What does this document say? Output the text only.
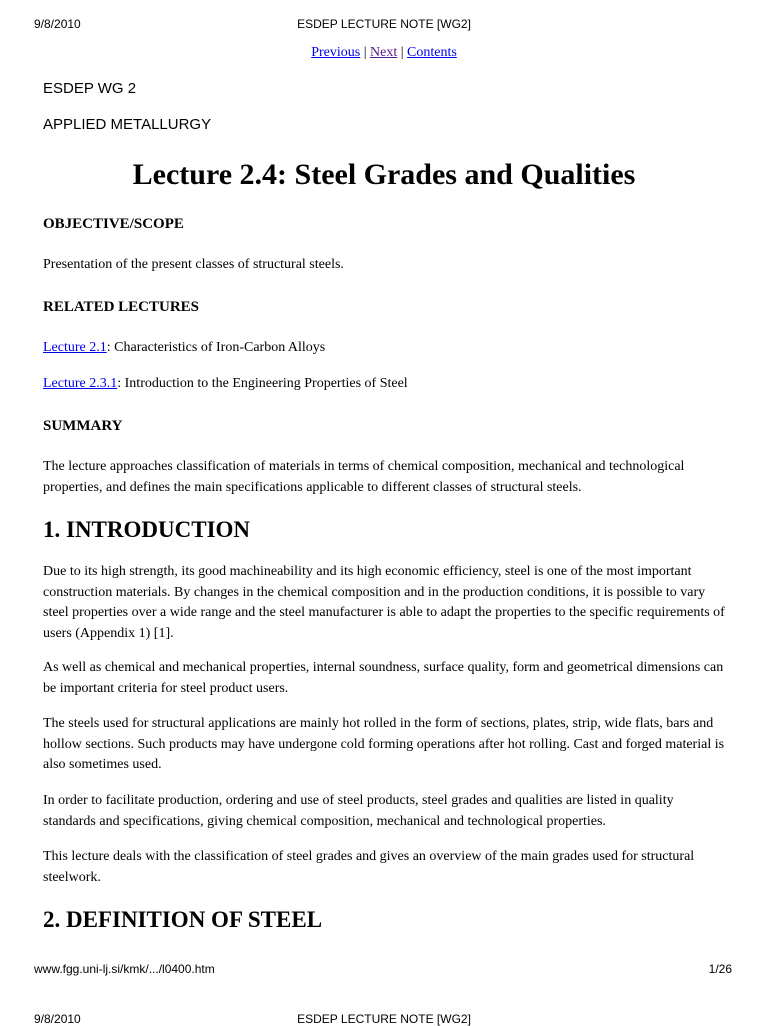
9/8/2010	ESDEP LECTURE NOTE [WG2]
Previous | Next | Contents
ESDEP WG 2
APPLIED METALLURGY
Lecture 2.4: Steel Grades and Qualities
OBJECTIVE/SCOPE
Presentation of the present classes of structural steels.
RELATED LECTURES
Lecture 2.1: Characteristics of Iron-Carbon Alloys
Lecture 2.3.1: Introduction to the Engineering Properties of Steel
SUMMARY
The lecture approaches classification of materials in terms of chemical composition, mechanical and technological properties, and defines the main specifications applicable to different classes of structural steels.
1. INTRODUCTION
Due to its high strength, its good machineability and its high economic efficiency, steel is one of the most important construction materials. By changes in the chemical composition and in the production conditions, it is possible to vary steel properties over a wide range and the steel manufacturer is able to adapt the properties to the specific requirements of users (Appendix 1) [1].
As well as chemical and mechanical properties, internal soundness, surface quality, form and geometrical dimensions can be important criteria for steel product users.
The steels used for structural applications are mainly hot rolled in the form of sections, plates, strip, wide flats, bars and hollow sections. Such products may have undergone cold forming operations after hot rolling. Cast and forged material is also sometimes used.
In order to facilitate production, ordering and use of steel products, steel grades and qualities are listed in quality standards and specifications, giving chemical composition, mechanical and technological properties.
This lecture deals with the classification of steel grades and gives an overview of the main grades used for structural steelwork.
2. DEFINITION OF STEEL
www.fgg.uni-lj.si/kmk/.../l0400.htm	1/26
9/8/2010	ESDEP LECTURE NOTE [WG2]
